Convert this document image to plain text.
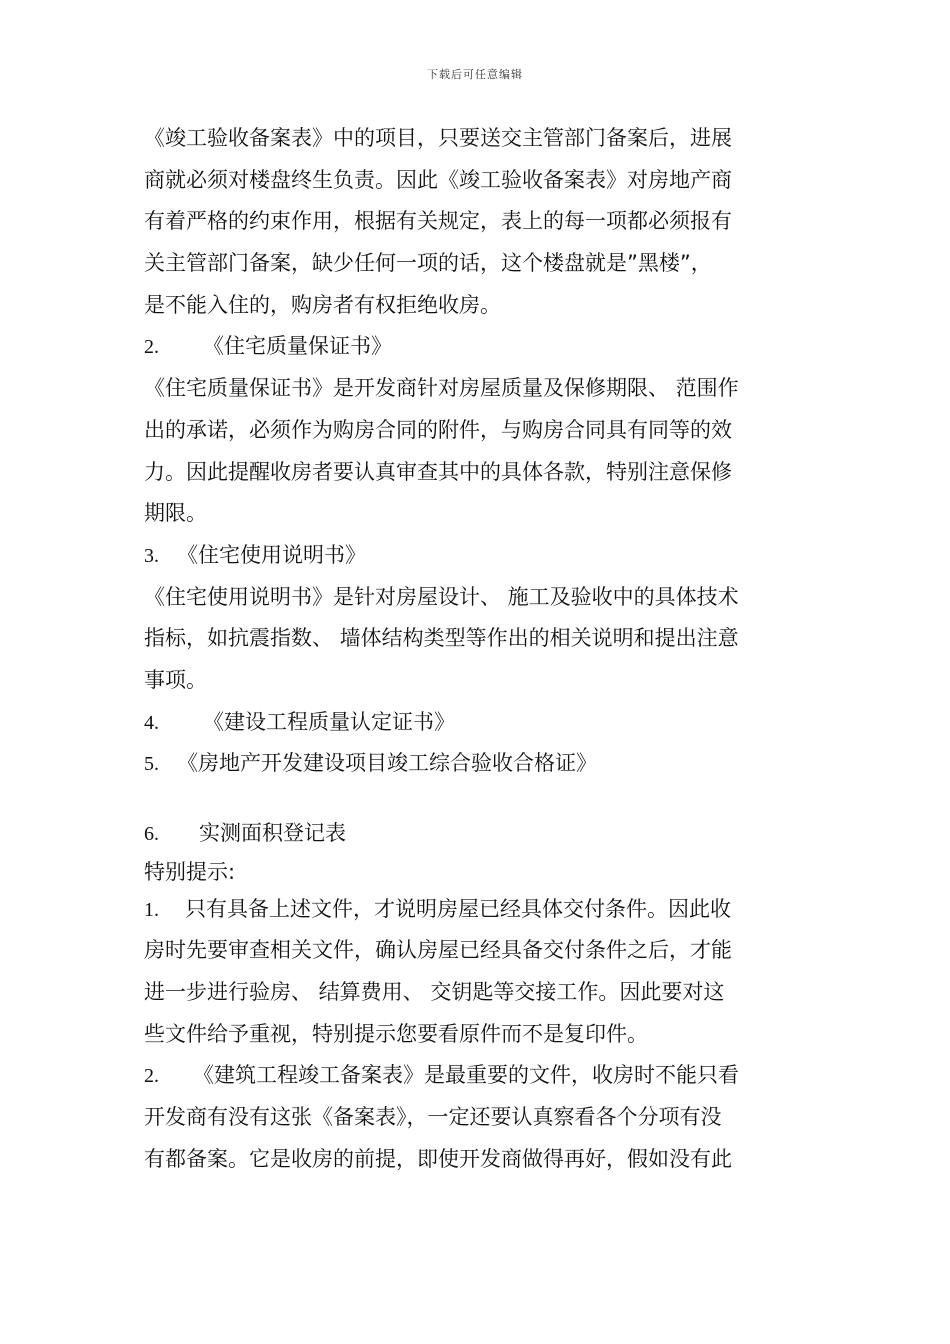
下载后可任意编辑
《竣工验收备案表》中的项目，只要送交主管部门备案后，进展
商就必须对楼盘终生负责。因此《竣工验收备案表》对房地产商
有着严格的约束作用，根据有关规定，表上的每一项都必须报有
关主管部门备案，缺少任何一项的话，这个楼盘就是”黑楼”，
是不能入住的，购房者有权拒绝收房。
2. 《住宅质量保证书》
《住宅质量保证书》是开发商针对房屋质量及保修期限、 范围作
出的承诺，必须作为购房合同的附件，与购房合同具有同等的效
力。因此提醒收房者要认真审查其中的具体各款，特别注意保修
期限。
3. 《住宅使用说明书》
《住宅使用说明书》是针对房屋设计、 施工及验收中的具体技术
指标，如抗震指数、 墙体结构类型等作出的相关说明和提出注意
事项。
4. 《建设工程质量认定证书》
5. 《房地产开发建设项目竣工综合验收合格证》
6. 实测面积登记表
特别提示:
1. 只有具备上述文件，才说明房屋已经具体交付条件。因此收
房时先要审查相关文件，确认房屋已经具备交付条件之后，才能
进一步进行验房、 结算费用、 交钥匙等交接工作。因此要对这
些文件给予重视，特别提示您要看原件而不是复印件。
2. 《建筑工程竣工备案表》是最重要的文件，收房时不能只看
开发商有没有这张《备案表》，一定还要认真察看各个分项有没
有都备案。它是收房的前提，即使开发商做得再好，假如没有此
